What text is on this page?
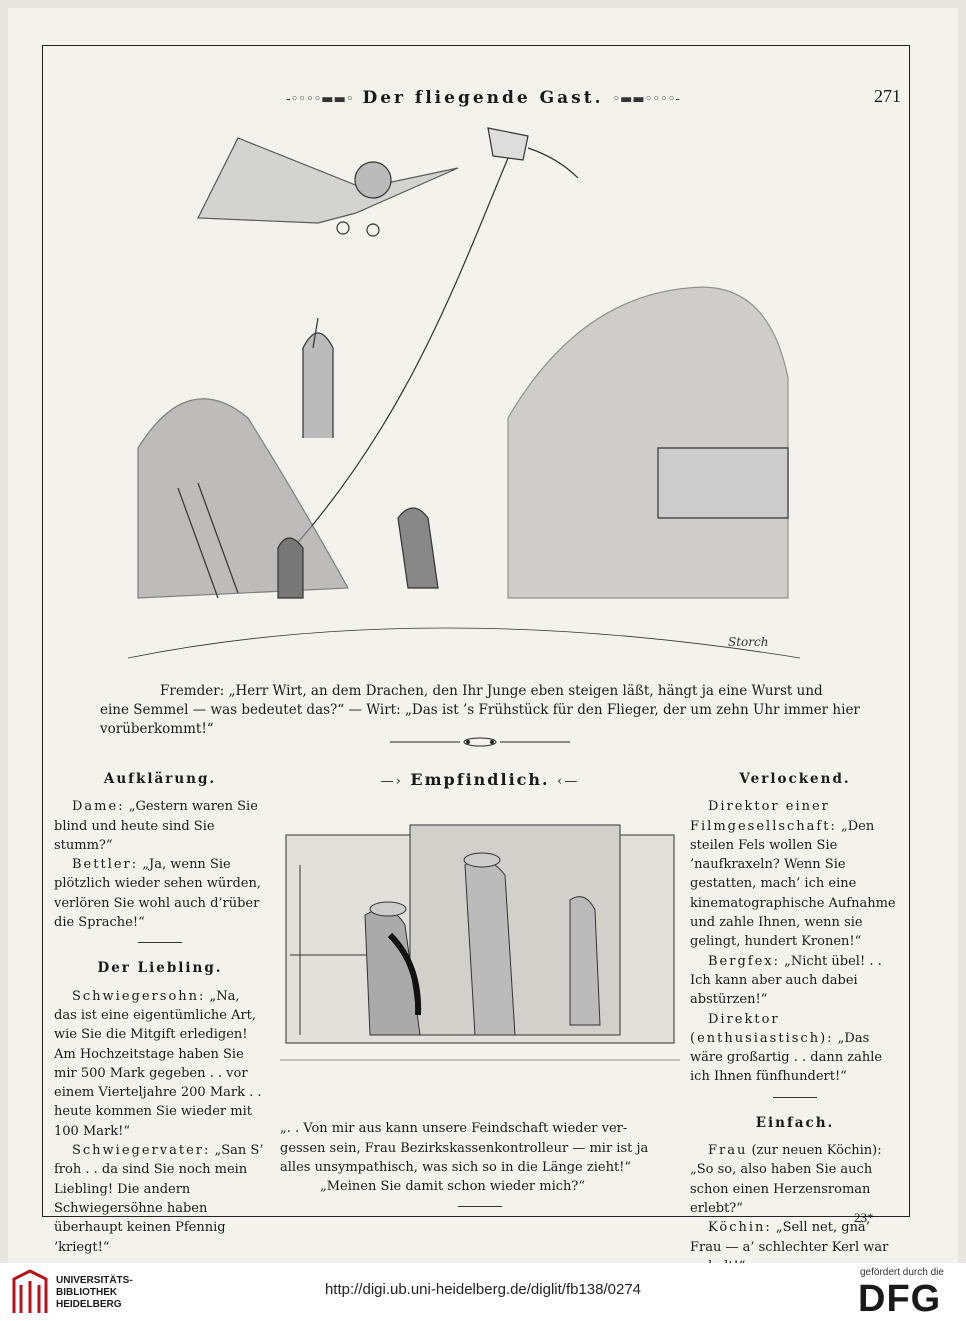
-◦◦◦◦▬▬◦ Der fliegende Gast. ◦▬▬◦◦◦◦-	271
Storch
Fremder: „Herr Wirt, an dem Drachen, den Ihr Junge eben steigen läßt, hängt ja eine Wurst und
eine Semmel — was bedeutet das?“ — Wirt: „Das ist ’s Frühstück für den Flieger, der um zehn Uhr immer hier
vorüberkommt!“
Aufklärung.

Dame: „Gestern waren Sie blind und heute sind Sie stumm?“

Bettler: „Ja, wenn Sie plötzlich wieder sehen würden, verlören Sie wohl auch d’rüber die Sprache!“

Der Liebling.

Schwiegersohn: „Na, das ist eine eigentümliche Art, wie Sie die Mitgift erledigen! Am Hochzeitstage haben Sie mir 500 Mark gegeben . . vor einem Vierteljahre 200 Mark . . heute kommen Sie wieder mit 100 Mark!“

Schwiegervater: „San S’ froh . . da sind Sie noch mein Liebling! Die andern Schwiegersöhne haben überhaupt keinen Pfennig ’kriegt!“

—› Empfindlich. ‹—
„. . Von mir aus kann unsere Feindschaft wieder ver-
gessen sein, Frau Bezirkskassenkontrolleur — mir ist ja
alles unsympathisch, was sich so in die Länge zieht!“
„Meinen Sie damit schon wieder mich?“
Verlockend.

Direktor einer Filmgesellschaft: „Den steilen Fels wollen Sie ’naufkraxeln? Wenn Sie gestatten, mach’ ich eine kinematographische Aufnahme und zahle Ihnen, wenn sie gelingt, hundert Kronen!“

Bergfex: „Nicht übel! . . Ich kann aber auch dabei abstürzen!“

Direktor (enthusiastisch): „Das wäre großartig . . dann zahle ich Ihnen fünfhundert!“

Einfach.

Frau (zur neuen Köchin): „So so, also haben Sie auch schon einen Herzensroman erlebt?“

Köchin: „Sell net, gnä’ Frau — a’ schlechter Kerl war

23*
UNIVERSITÄTS-
BIBLIOTHEK
HEIDELBERG
http://digi.ub.uni-heidelberg.de/diglit/fb138/0274
gefördert durch die
DFG
